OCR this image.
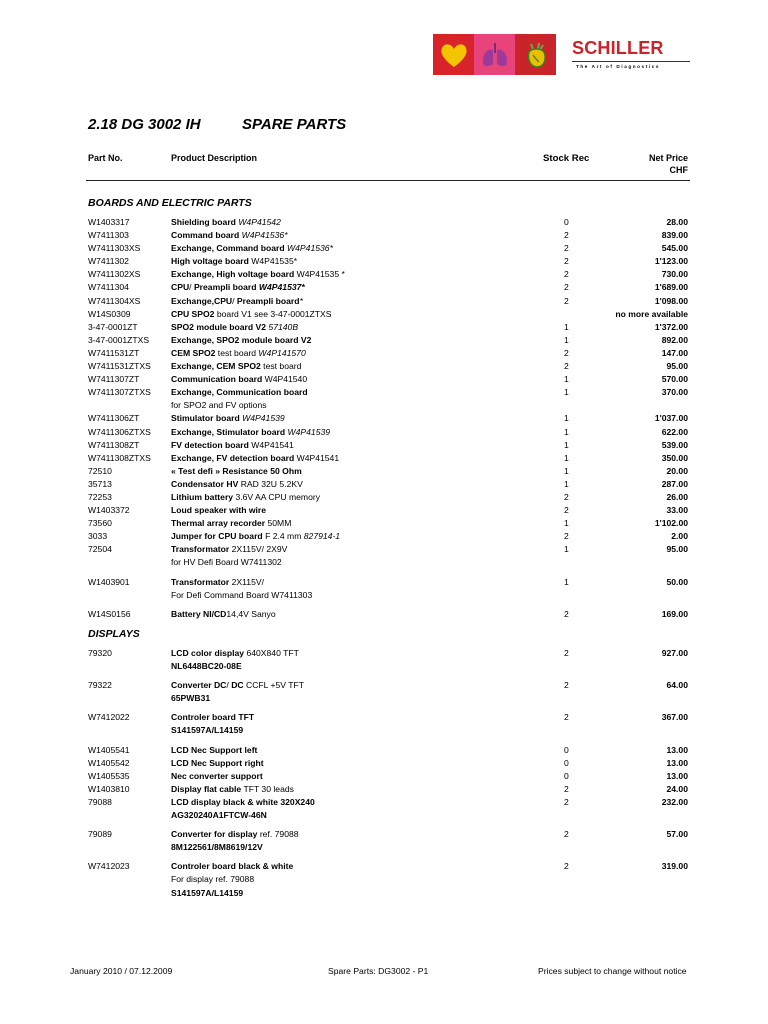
SCHILLER
The Art of Diagnostics
2.18 DG 3002 IH	SPARE PARTS
Part No.	Product Description	Stock Rec	Net Price
CHF
BOARDS AND ELECTRIC PARTS
W1403317	Shielding board W4P41542	0	28.00
W7411303	Command board W4P41536*	2	839.00
W7411303XS	Exchange, Command board W4P41536*	2	545.00
W7411302	High voltage board W4P41535*	2	1'123.00
W7411302XS	Exchange, High voltage board W4P41535 *	2	730.00
W7411304	CPU/ Preampli board W4P41537*	2	1'689.00
W7411304XS	Exchange,CPU/ Preampli board*	2	1'098.00
W14S0309	CPU SPO2 board V1 see 3-47-0001ZTXS	no more available
3-47-0001ZT	SPO2 module board V2 57140B	1	1'372.00
3-47-0001ZTXS	Exchange, SPO2 module board V2	1	892.00
W7411531ZT	CEM SPO2 test board W4P141570	2	147.00
W7411531ZTXS Exchange, CEM SPO2 test board	2	95.00
W7411307ZT	Communication board W4P41540	1	570.00
W7411307ZTXS Exchange, Communication board	1	370.00
for SPO2 and FV options
W7411306ZT	Stimulator board W4P41539	1	1'037.00
W7411306ZTXS Exchange, Stimulator board W4P41539	1	622.00
W7411308ZT	FV detection board W4P41541	1	539.00
W7411308ZTXS Exchange, FV detection board W4P41541	1	350.00
72510	« Test defi » Resistance 50 Ohm	1	20.00
35713	Condensator HV RAD 32U 5.2KV	1	287.00
72253	Lithium battery 3.6V AA CPU memory	2	26.00
W1403372	Loud speaker with wire	2	33.00
73560	Thermal array recorder 50MM	1	1'102.00
3033	Jumper for CPU board F 2.4 mm 827914-1	2	2.00
72504	Transformator 2X115V/ 2X9V	1	95.00
for HV Defi Board W7411302
W1403901	Transformator 2X115V/	1	50.00
For Defi Command Board W7411303
W14S0156	Battery NI/CD14,4V Sanyo	2	169.00
DISPLAYS
79320	LCD color display 640X840 TFT	2	927.00
NL6448BC20-08E
79322	Converter DC/ DC CCFL +5V TFT	2	64.00
65PWB31
W7412022	Controler board TFT	2	367.00
S141597A/L14159
W1405541	LCD Nec Support left	0	13.00
W1405542	LCD Nec Support right	0	13.00
W1405535	Nec converter support	0	13.00
W1403810	Display flat cable TFT 30 leads	2	24.00
79088	LCD display black & white 320X240	2	232.00
AG320240A1FTCW-46N
79089	Converter for display ref. 79088	2	57.00
8M122561/8M8619/12V
W7412023	Controler board black & white	2	319.00
For display ref. 79088
S141597A/L14159
January 2010 / 07.12.2009	Spare Parts: DG3002 - P1	Prices subject to change without notice
